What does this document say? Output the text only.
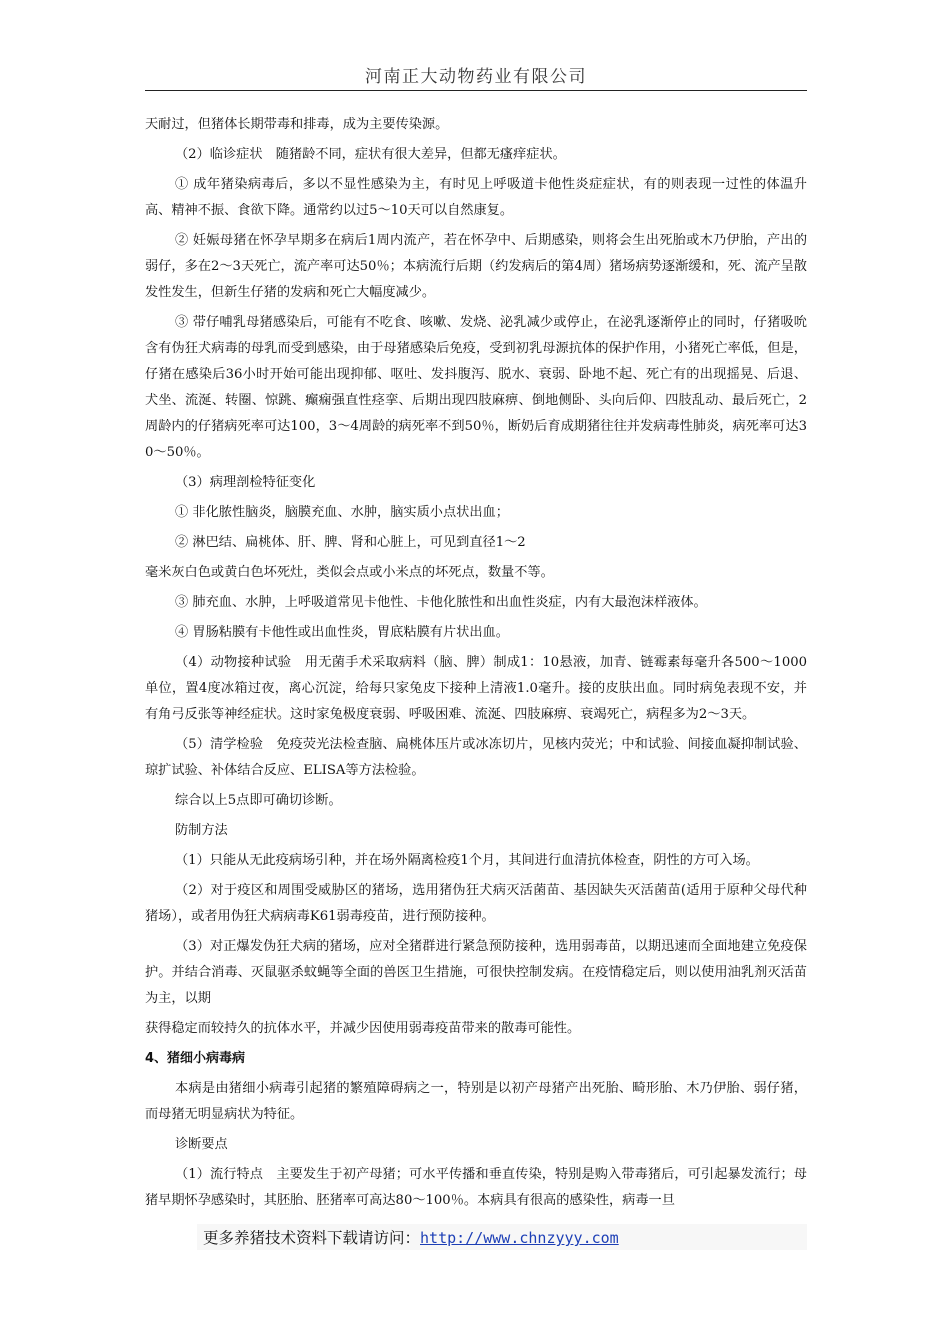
河南正大动物药业有限公司

天耐过，但猪体长期带毒和排毒，成为主要传染源。

（2）临诊症状　随猪龄不同，症状有很大差异，但都无瘙痒症状。

① 成年猪染病毒后，多以不显性感染为主，有时见上呼吸道卡他性炎症症状，有的则表现一过性的体温升高、精神不振、食欲下降。通常约以过5～10天可以自然康复。

② 妊娠母猪在怀孕早期多在病后1周内流产，若在怀孕中、后期感染，则将会生出死胎或木乃伊胎，产出的弱仔，多在2～3天死亡，流产率可达50％；本病流行后期（约发病后的第4周）猪场病势逐渐缓和，死、流产呈散发性发生，但新生仔猪的发病和死亡大幅度减少。

③ 带仔哺乳母猪感染后，可能有不吃食、咳嗽、发烧、泌乳减少或停止，在泌乳逐渐停止的同时，仔猪吸吮含有伪狂犬病毒的母乳而受到感染，由于母猪感染后免疫，受到初乳母源抗体的保护作用，小猪死亡率低，但是，仔猪在感染后36小时开始可能出现抑郁、呕吐、发抖腹泻、脱水、衰弱、卧地不起、死亡有的出现摇晃、后退、犬坐、流涎、转圈、惊跳、癫痫强直性痉挛、后期出现四肢麻痹、倒地侧卧、头向后仰、四肢乱动、最后死亡，2周龄内的仔猪病死率可达100，3～4周龄的病死率不到50％，断奶后育成期猪往往并发病毒性肺炎，病死率可达30～50％。

（3）病理剖检特征变化

① 非化脓性脑炎，脑膜充血、水肿，脑实质小点状出血；

② 淋巴结、扁桃体、肝、脾、肾和心脏上，可见到直径1～2

毫米灰白色或黄白色坏死灶，类似会点或小米点的坏死点，数量不等。

③ 肺充血、水肿，上呼吸道常见卡他性、卡他化脓性和出血性炎症，内有大最泡沫样液体。

④ 胃肠粘膜有卡他性或出血性炎，胃底粘膜有片状出血。

（4）动物接种试验　用无菌手术采取病料（脑、脾）制成1：10悬液，加青、链霉素每毫升各500～1000单位，置4度冰箱过夜，离心沉淀，给每只家兔皮下接种上清液1.0毫升。接的皮肤出血。同时病兔表现不安，并有角弓反张等神经症状。这时家兔极度衰弱、呼吸困难、流涎、四肢麻痹、衰竭死亡，病程多为2～3天。

（5）清学检验　免疫荧光法检查脑、扁桃体压片或冰冻切片，见核内荧光；中和试验、间接血凝抑制试验、琼扩试验、补体结合反应、ELISA等方法检验。

综合以上5点即可确切诊断。

防制方法

（1）只能从无此疫病场引种，并在场外隔离检疫1个月，其间进行血清抗体检查，阴性的方可入场。

（2）对于疫区和周围受威胁区的猪场，选用猪伪狂犬病灭活菌苗、基因缺失灭活菌苗(适用于原种父母代种猪场），或者用伪狂犬病病毒K61弱毒疫苗，进行预防接种。

（3）对正爆发伪狂犬病的猪场，应对全猪群进行紧急预防接种，选用弱毒苗，以期迅速而全面地建立免疫保护。并结合消毒、灭鼠驱杀蚊蝇等全面的兽医卫生措施，可很快控制发病。在疫情稳定后，则以使用油乳剂灭活苗为主，以期

获得稳定而较持久的抗体水平，并减少因使用弱毒疫苗带来的散毒可能性。

4、猪细小病毒病

本病是由猪细小病毒引起猪的繁殖障碍病之一，特别是以初产母猪产出死胎、畸形胎、木乃伊胎、弱仔猪，而母猪无明显病状为特征。

诊断要点

（1）流行特点　主要发生于初产母猪；可水平传播和垂直传染，特别是购入带毒猪后，可引起暴发流行；母猪早期怀孕感染时，其胚胎、胚猪率可高达80～100％。本病具有很高的感染性，病毒一旦

更多养猪技术资料下载请访问：http://www.chnzyyy.com
